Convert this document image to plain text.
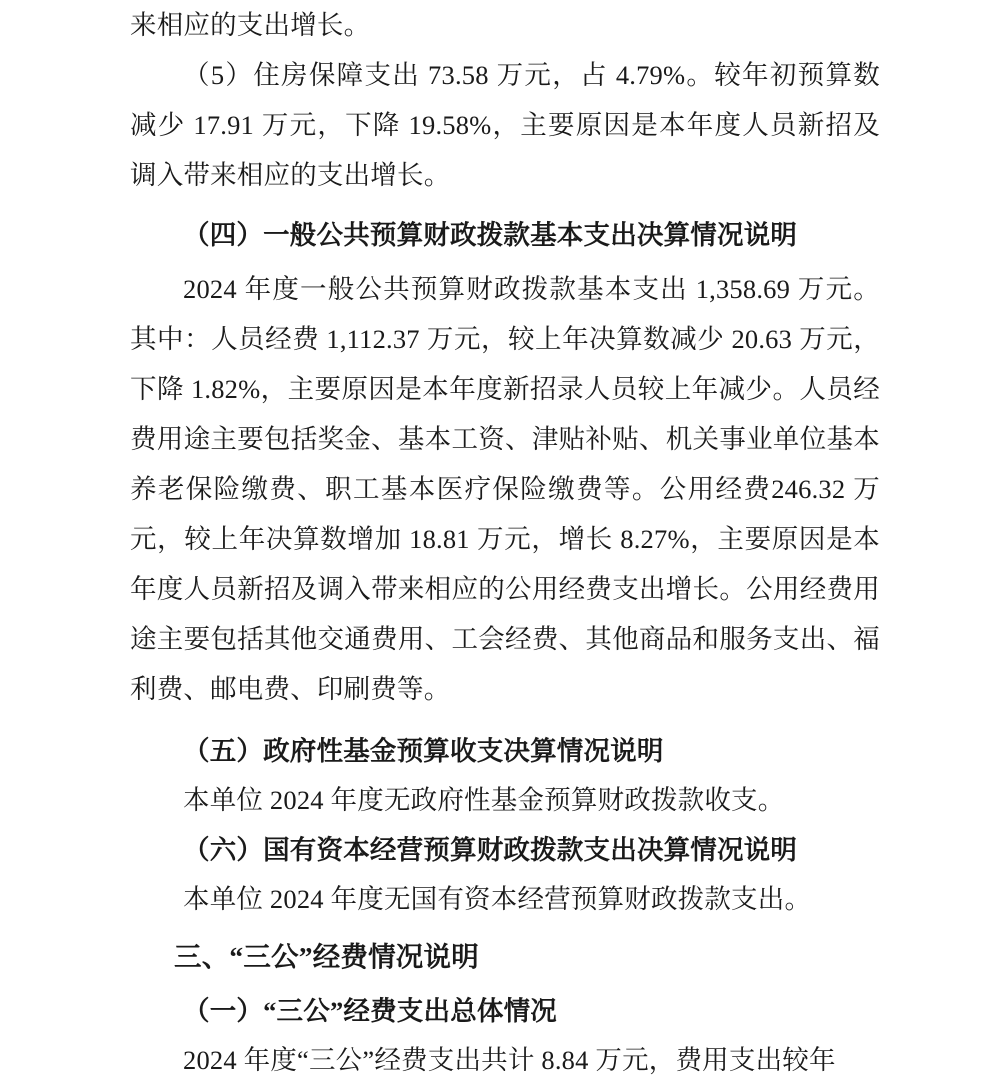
来相应的支出增长。

（5）住房保障支出 73.58 万元，占 4.79%。较年初预算数减少 17.91 万元，下降 19.58%，主要原因是本年度人员新招及调入带来相应的支出增长。

（四）一般公共预算财政拨款基本支出决算情况说明

2024 年度一般公共预算财政拨款基本支出 1,358.69 万元。其中：人员经费 1,112.37 万元，较上年决算数减少 20.63 万元，下降 1.82%，主要原因是本年度新招录人员较上年减少。人员经费用途主要包括奖金、基本工资、津贴补贴、机关事业单位基本养老保险缴费、职工基本医疗保险缴费等。公用经费246.32 万元，较上年决算数增加 18.81 万元，增长 8.27%，主要原因是本年度人员新招及调入带来相应的公用经费支出增长。公用经费用途主要包括其他交通费用、工会经费、其他商品和服务支出、福利费、邮电费、印刷费等。

（五）政府性基金预算收支决算情况说明

本单位 2024 年度无政府性基金预算财政拨款收支。

（六）国有资本经营预算财政拨款支出决算情况说明

本单位 2024 年度无国有资本经营预算财政拨款支出。

三、“三公”经费情况说明

（一）“三公”经费支出总体情况

2024 年度“三公”经费支出共计 8.84 万元，费用支出较年
